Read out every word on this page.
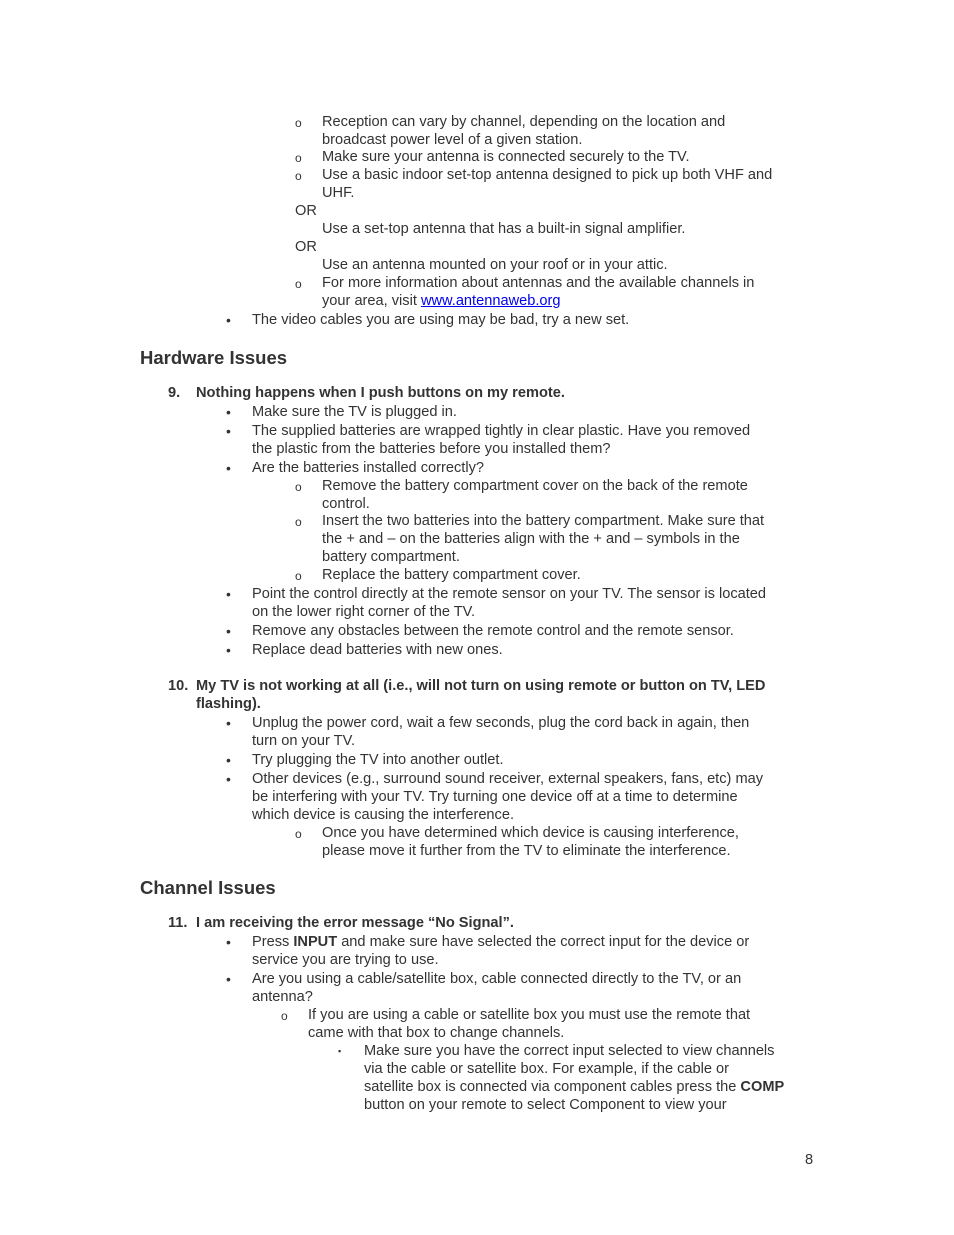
o Reception can vary by channel, depending on the location and
broadcast power level of a given station.
o Make sure your antenna is connected securely to the TV.
o Use a basic indoor set-top antenna designed to pick up both VHF and
UHF.
OR
Use a set-top antenna that has a built-in signal amplifier.
OR
Use an antenna mounted on your roof or in your attic.
o For more information about antennas and the available channels in
your area, visit www.antennaweb.org
• The video cables you are using may be bad, try a new set.
Hardware Issues
9. Nothing happens when I push buttons on my remote.
• Make sure the TV is plugged in.
• The supplied batteries are wrapped tightly in clear plastic. Have you removed
the plastic from the batteries before you installed them?
• Are the batteries installed correctly?
o Remove the battery compartment cover on the back of the remote
control.
o Insert the two batteries into the battery compartment. Make sure that
the + and – on the batteries align with the + and – symbols in the
battery compartment.
o Replace the battery compartment cover.
• Point the control directly at the remote sensor on your TV. The sensor is located
on the lower right corner of the TV.
• Remove any obstacles between the remote control and the remote sensor.
• Replace dead batteries with new ones.
10. My TV is not working at all (i.e., will not turn on using remote or button on TV, LED
flashing).
• Unplug the power cord, wait a few seconds, plug the cord back in again, then
turn on your TV.
• Try plugging the TV into another outlet.
• Other devices (e.g., surround sound receiver, external speakers, fans, etc) may
be interfering with your TV. Try turning one device off at a time to determine
which device is causing the interference.
o Once you have determined which device is causing interference,
please move it further from the TV to eliminate the interference.
Channel Issues
11. I am receiving the error message “No Signal”.
• Press INPUT and make sure have selected the correct input for the device or
service you are trying to use.
• Are you using a cable/satellite box, cable connected directly to the TV, or an
antenna?
o If you are using a cable or satellite box you must use the remote that
came with that box to change channels.
▪ Make sure you have the correct input selected to view channels
via the cable or satellite box. For example, if the cable or
satellite box is connected via component cables press the COMP
button on your remote to select Component to view your
8
